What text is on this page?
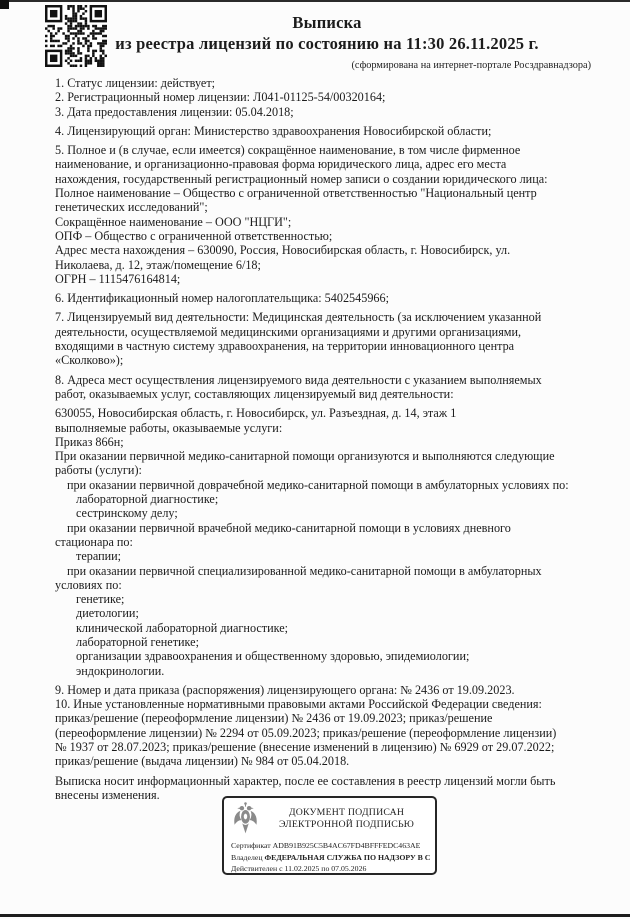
Выписка
из реестра лицензий по состоянию на 11:30 26.11.2025 г.
(сформирована на интернет-портале Росздравнадзора)
1. Статус лицензии: действует;
2. Регистрационный номер лицензии: Л041-01125-54/00320164;
3. Дата предоставления лицензии: 05.04.2018;
4. Лицензирующий орган: Министерство здравоохранения Новосибирской области;
5. Полное и (в случае, если имеется) сокращённое наименование, в том числе фирменное
наименование, и организационно-правовая форма юридического лица, адрес его места
нахождения, государственный регистрационный номер записи о создании юридического лица:
Полное наименование – Общество с ограниченной ответственностью "Национальный центр
генетических исследований";
Сокращённое наименование – ООО "НЦГИ";
ОПФ – Общество с ограниченной ответственностью;
Адрес места нахождения – 630090, Россия, Новосибирская область, г. Новосибирск, ул.
Николаева, д. 12, этаж/помещение 6/18;
ОГРН – 1115476164814;
6. Идентификационный номер налогоплательщика: 5402545966;
7. Лицензируемый вид деятельности: Медицинская деятельность (за исключением указанной
деятельности, осуществляемой медицинскими организациями и другими организациями,
входящими в частную систему здравоохранения, на территории инновационного центра
«Сколково»);
8. Адреса мест осуществления лицензируемого вида деятельности с указанием выполняемых
работ, оказываемых услуг, составляющих лицензируемый вид деятельности:
630055, Новосибирская область, г. Новосибирск, ул. Разъездная, д. 14, этаж 1
выполняемые работы, оказываемые услуги:
Приказ 866н;
При оказании первичной медико-санитарной помощи организуются и выполняются следующие
работы (услуги):
при оказании первичной доврачебной медико-санитарной помощи в амбулаторных условиях по:
лабораторной диагностике;
сестринскому делу;
при оказании первичной врачебной медико-санитарной помощи в условиях дневного
стационара по:
терапии;
при оказании первичной специализированной медико-санитарной помощи в амбулаторных
условиях по:
генетике;
диетологии;
клинической лабораторной диагностике;
лабораторной генетике;
организации здравоохранения и общественному здоровью, эпидемиологии;
эндокринологии.
9. Номер и дата приказа (распоряжения) лицензирующего органа: № 2436 от 19.09.2023.
10. Иные установленные нормативными правовыми актами Российской Федерации сведения:
приказ/решение (переоформление лицензии) № 2436 от 19.09.2023; приказ/решение
(переоформление лицензии) № 2294 от 05.09.2023; приказ/решение (переоформление лицензии)
№ 1937 от 28.07.2023; приказ/решение (внесение изменений в лицензию) № 6929 от 29.07.2022;
приказ/решение (выдача лицензии) № 984 от 05.04.2018.
Выписка носит информационный характер, после ее составления в реестр лицензий могли быть
внесены изменения.
ДОКУМЕНТ ПОДПИСАН
ЭЛЕКТРОННОЙ ПОДПИСЬЮ
Сертификат ADB91B925C5B4AC67FD4BFFFEDC463AE
Владелец ФЕДЕРАЛЬНАЯ СЛУЖБА ПО НАДЗОРУ В С
Действителен с 11.02.2025 по 07.05.2026
